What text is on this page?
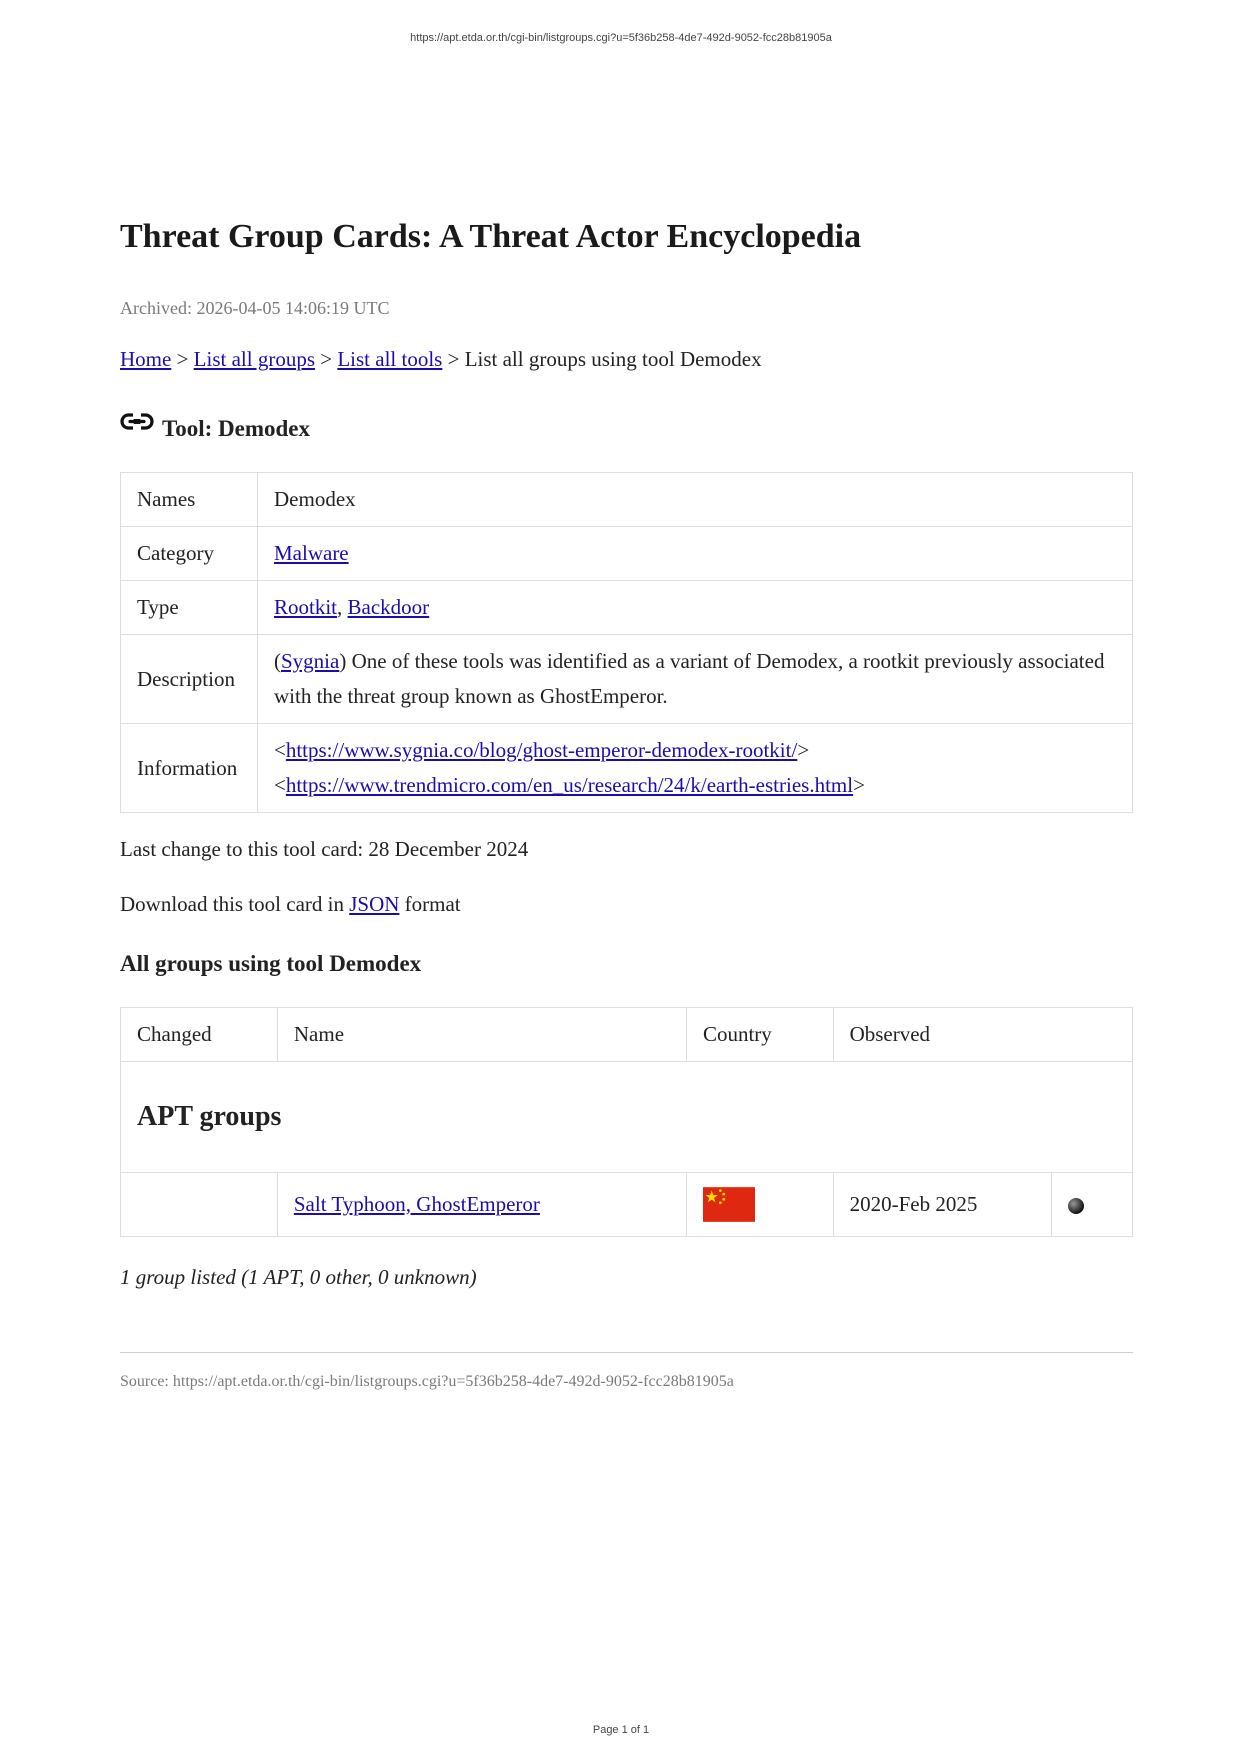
https://apt.etda.or.th/cgi-bin/listgroups.cgi?u=5f36b258-4de7-492d-9052-fcc28b81905a
Threat Group Cards: A Threat Actor Encyclopedia
Archived: 2026-04-05 14:06:19 UTC
Home > List all groups > List all tools > List all groups using tool Demodex
Tool: Demodex
Names	Demodex
Category	Malware
Type	Rootkit, Backdoor
Description	(Sygnia) One of these tools was identified as a variant of Demodex, a rootkit previously associated with the threat group known as GhostEmperor.
Information	<https://www.sygnia.co/blog/ghost-emperor-demodex-rootkit/>
<https://www.trendmicro.com/en_us/research/24/k/earth-estries.html>
Last change to this tool card: 28 December 2024
Download this tool card in JSON format
All groups using tool Demodex
Changed	Name	Country	Observed	
APT groups				
	Salt Typhoon, GhostEmperor		2020-Feb 2025	
1 group listed (1 APT, 0 other, 0 unknown)
Source: https://apt.etda.or.th/cgi-bin/listgroups.cgi?u=5f36b258-4de7-492d-9052-fcc28b81905a
Page 1 of 1
